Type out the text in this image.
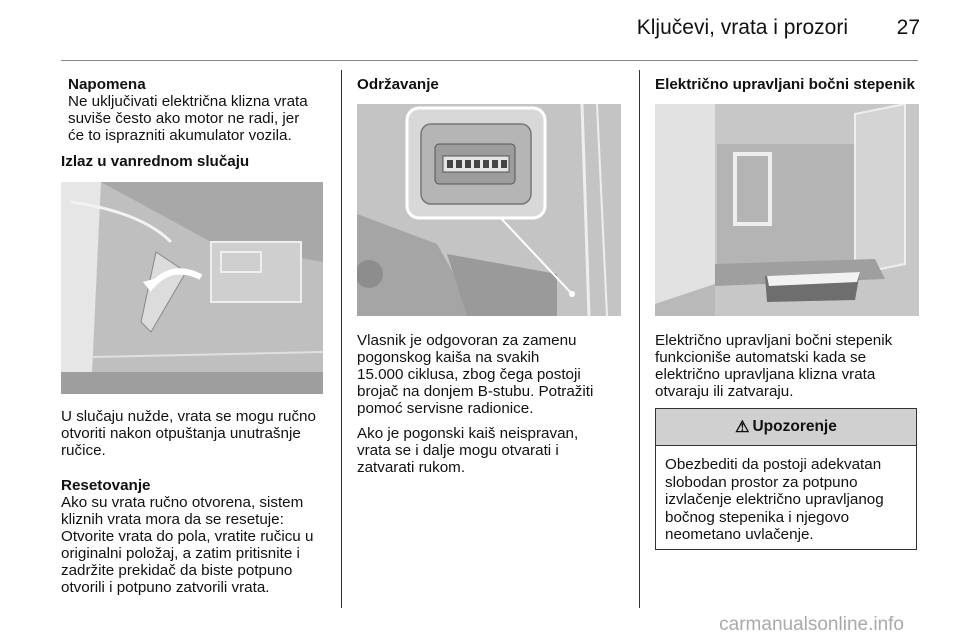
Ključevi, vrata i prozori 27

Napomena

Ne uključivati električna klizna vrata

suviše često ako motor ne radi, jer

će to isprazniti akumulator vozila.

Izlaz u vanrednom slučaju

U slučaju nužde, vrata se mogu ručno

otvoriti nakon otpuštanja unutrašnje

ručice.

Resetovanje

Ako su vrata ručno otvorena, sistem

kliznih vrata mora da se resetuje:

Otvorite vrata do pola, vratite ručicu u

originalni položaj, a zatim pritisnite i

zadržite prekidač da biste potpuno

otvorili i potpuno zatvorili vrata.

Održavanje

Vlasnik je odgovoran za zamenu

pogonskog kaiša na svakih

15.000 ciklusa, zbog čega postoji

brojač na donjem B-stubu. Potražiti

pomoć servisne radionice.

Ako je pogonski kaiš neispravan,

vrata se i dalje mogu otvarati i

zatvarati rukom.

Električno upravljani bočni stepenik

Električno upravljani bočni stepenik

funkcioniše automatski kada se

električno upravljana klizna vrata

otvaraju ili zatvaraju.

⚠ Upozorenje

Obezbediti da postoji adekvatan

slobodan prostor za potpuno

izvlačenje električno upravljanog

bočnog stepenika i njegovo

neometano uvlačenje.

carmanualsonline.info
